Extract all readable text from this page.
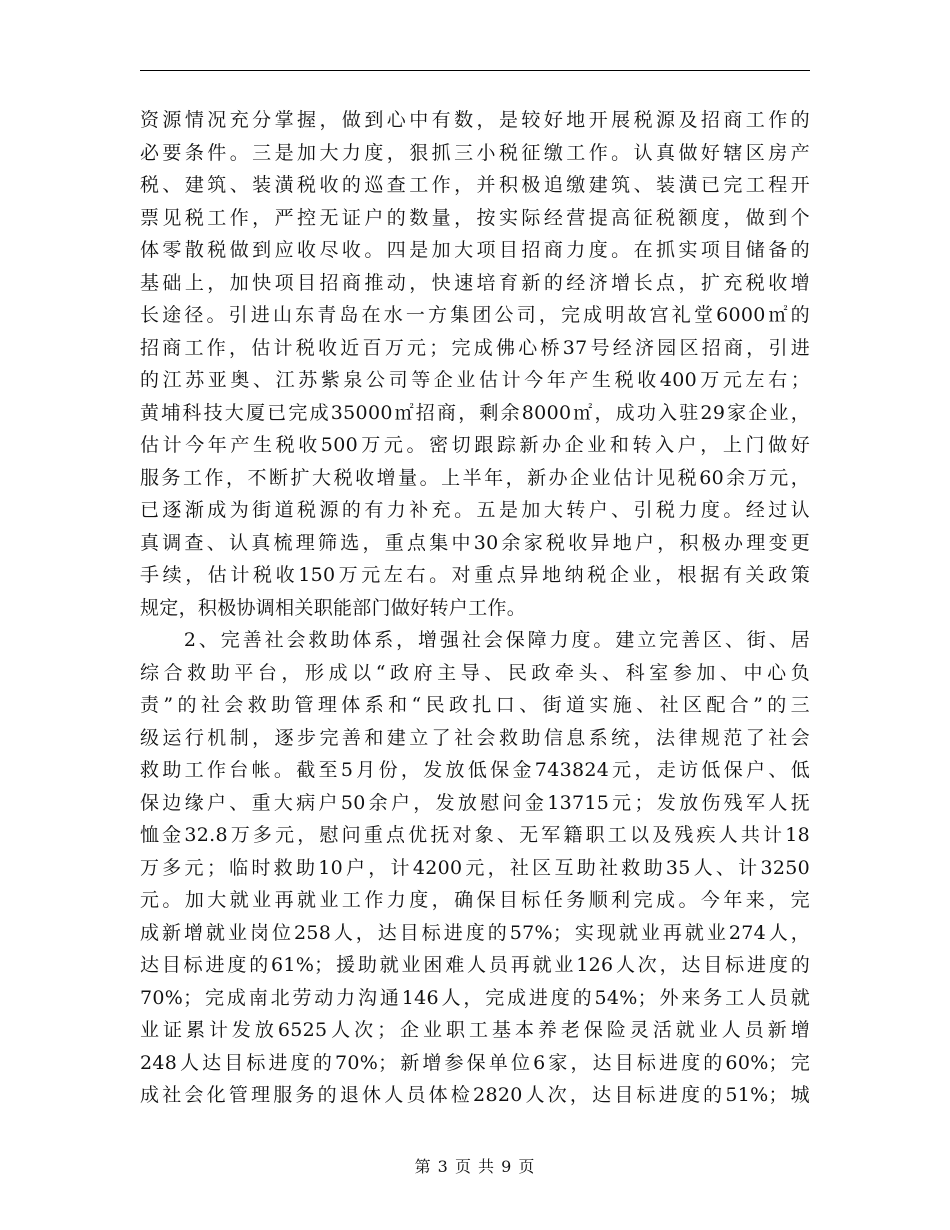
资源情况充分掌握，做到心中有数，是较好地开展税源及招商工作的
必要条件。三是加大力度，狠抓三小税征缴工作。认真做好辖区房产
税、建筑、装潢税收的巡查工作，并积极追缴建筑、装潢已完工程开
票见税工作，严控无证户的数量，按实际经营提高征税额度，做到个
体零散税做到应收尽收。四是加大项目招商力度。在抓实项目储备的
基础上，加快项目招商推动，快速培育新的经济增长点，扩充税收增
长途径。引进山东青岛在水一方集团公司，完成明故宫礼堂6000㎡的
招商工作，估计税收近百万元；完成佛心桥37号经济园区招商，引进
的江苏亚奥、江苏紫泉公司等企业估计今年产生税收400万元左右；
黄埔科技大厦已完成35000㎡招商，剩余8000㎡，成功入驻29家企业，
估计今年产生税收500万元。密切跟踪新办企业和转入户，上门做好
服务工作，不断扩大税收增量。上半年，新办企业估计见税60余万元，
已逐渐成为街道税源的有力补充。五是加大转户、引税力度。经过认
真调查、认真梳理筛选，重点集中30余家税收异地户，积极办理变更
手续，估计税收150万元左右。对重点异地纳税企业，根据有关政策
规定，积极协调相关职能部门做好转户工作。
　　2、完善社会救助体系，增强社会保障力度。建立完善区、街、居
综合救助平台，形成以“政府主导、民政牵头、科室参加、中心负
责”的社会救助管理体系和“民政扎口、街道实施、社区配合”的三
级运行机制，逐步完善和建立了社会救助信息系统，法律规范了社会
救助工作台帐。截至5月份，发放低保金743824元，走访低保户、低
保边缘户、重大病户50余户，发放慰问金13715元；发放伤残军人抚
恤金32.8万多元，慰问重点优抚对象、无军籍职工以及残疾人共计18
万多元；临时救助10户，计4200元，社区互助社救助35人、计3250
元。加大就业再就业工作力度，确保目标任务顺利完成。今年来，完
成新增就业岗位258人，达目标进度的57%；实现就业再就业274人，
达目标进度的61%；援助就业困难人员再就业126人次，达目标进度的
70%；完成南北劳动力沟通146人，完成进度的54%；外来务工人员就
业证累计发放6525人次；企业职工基本养老保险灵活就业人员新增
248人达目标进度的70%；新增参保单位6家，达目标进度的60%；完
成社会化管理服务的退休人员体检2820人次，达目标进度的51%；城
第 3 页 共 9 页
